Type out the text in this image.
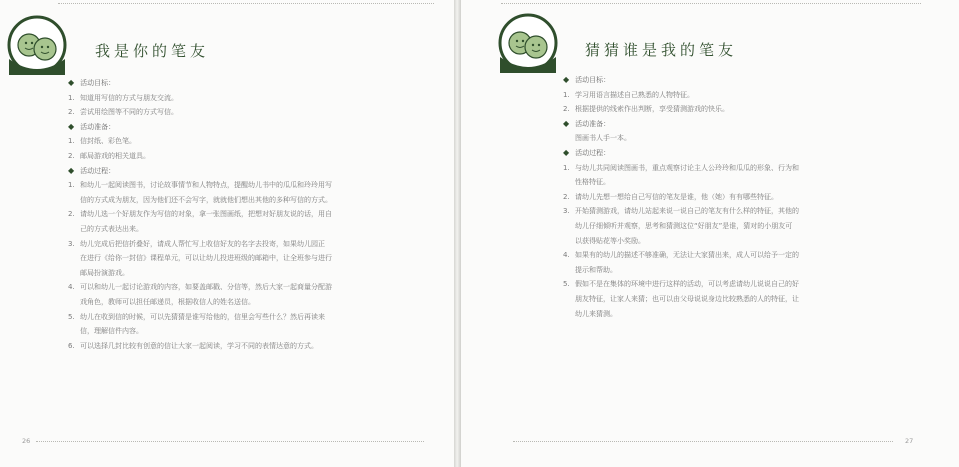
我是你的笔友
◆ 活动目标：
1. 知道用写信的方式与朋友交流。
2. 尝试用绘图等不同的方式写信。
◆ 活动准备：
1. 信封纸、彩色笔。
2. 邮局游戏的相关道具。
◆ 活动过程：
1. 和幼儿一起阅读图书，讨论故事情节和人物特点，提醒幼儿书中的瓜瓜和玲玲用写
信的方式成为朋友，因为他们还不会写字，就就他们想出其他的多种写信的方式。
2. 请幼儿选一个好朋友作为写信的对象，拿一张图画纸，把想对好朋友说的话，用自
己的方式表达出来。
3. 幼儿完成后把信折叠好，请成人帮忙写上收信好友的名字去投寄，如果幼儿园正
在进行《给你一封信》课程单元，可以让幼儿投进班级的邮箱中，让全班参与进行
邮局扮演游戏。
4. 可以和幼儿一起讨论游戏的内容，如要盖邮戳、分信等，然后大家一起商量分配游
戏角色，教师可以担任邮递员，根据收信人的姓名送信。
5. 幼儿在收到信的时候，可以先猜猜是谁写给他的，信里会写些什么？然后再读来
信，理解信件内容。
6. 可以选择几封比较有创意的信让大家一起阅读，学习不同的表情达意的方式。
26
猜猜谁是我的笔友
◆ 活动目标：
1. 学习用语言描述自己熟悉的人物特征。
2. 根据提供的线索作出判断，享受猜测游戏的快乐。
◆ 活动准备：
图画书人手一本。
◆ 活动过程：
1. 与幼儿共同阅读图画书，重点观察讨论主人公玲玲和瓜瓜的形象、行为和
性格特征。
2. 请幼儿先想一想给自己写信的笔友是谁，他（她）有有哪些特征。
3. 开始猜测游戏，请幼儿站起来说一说自己的笔友有什么样的特征，其他的
幼儿仔细倾听并观察，思考和猜测这位“好朋友”是谁，猜对的小朋友可
以获得贴花等小奖励。
4. 如果有的幼儿的描述不够准确，无法让大家猜出来，成人可以给予一定的
提示和帮助。
5. 假如不是在集体的环境中进行这样的活动，可以考虑请幼儿说说自己的好
朋友特征，让家人来猜；也可以由父母说说身边比较熟悉的人的特征，让
幼儿来猜测。
27
